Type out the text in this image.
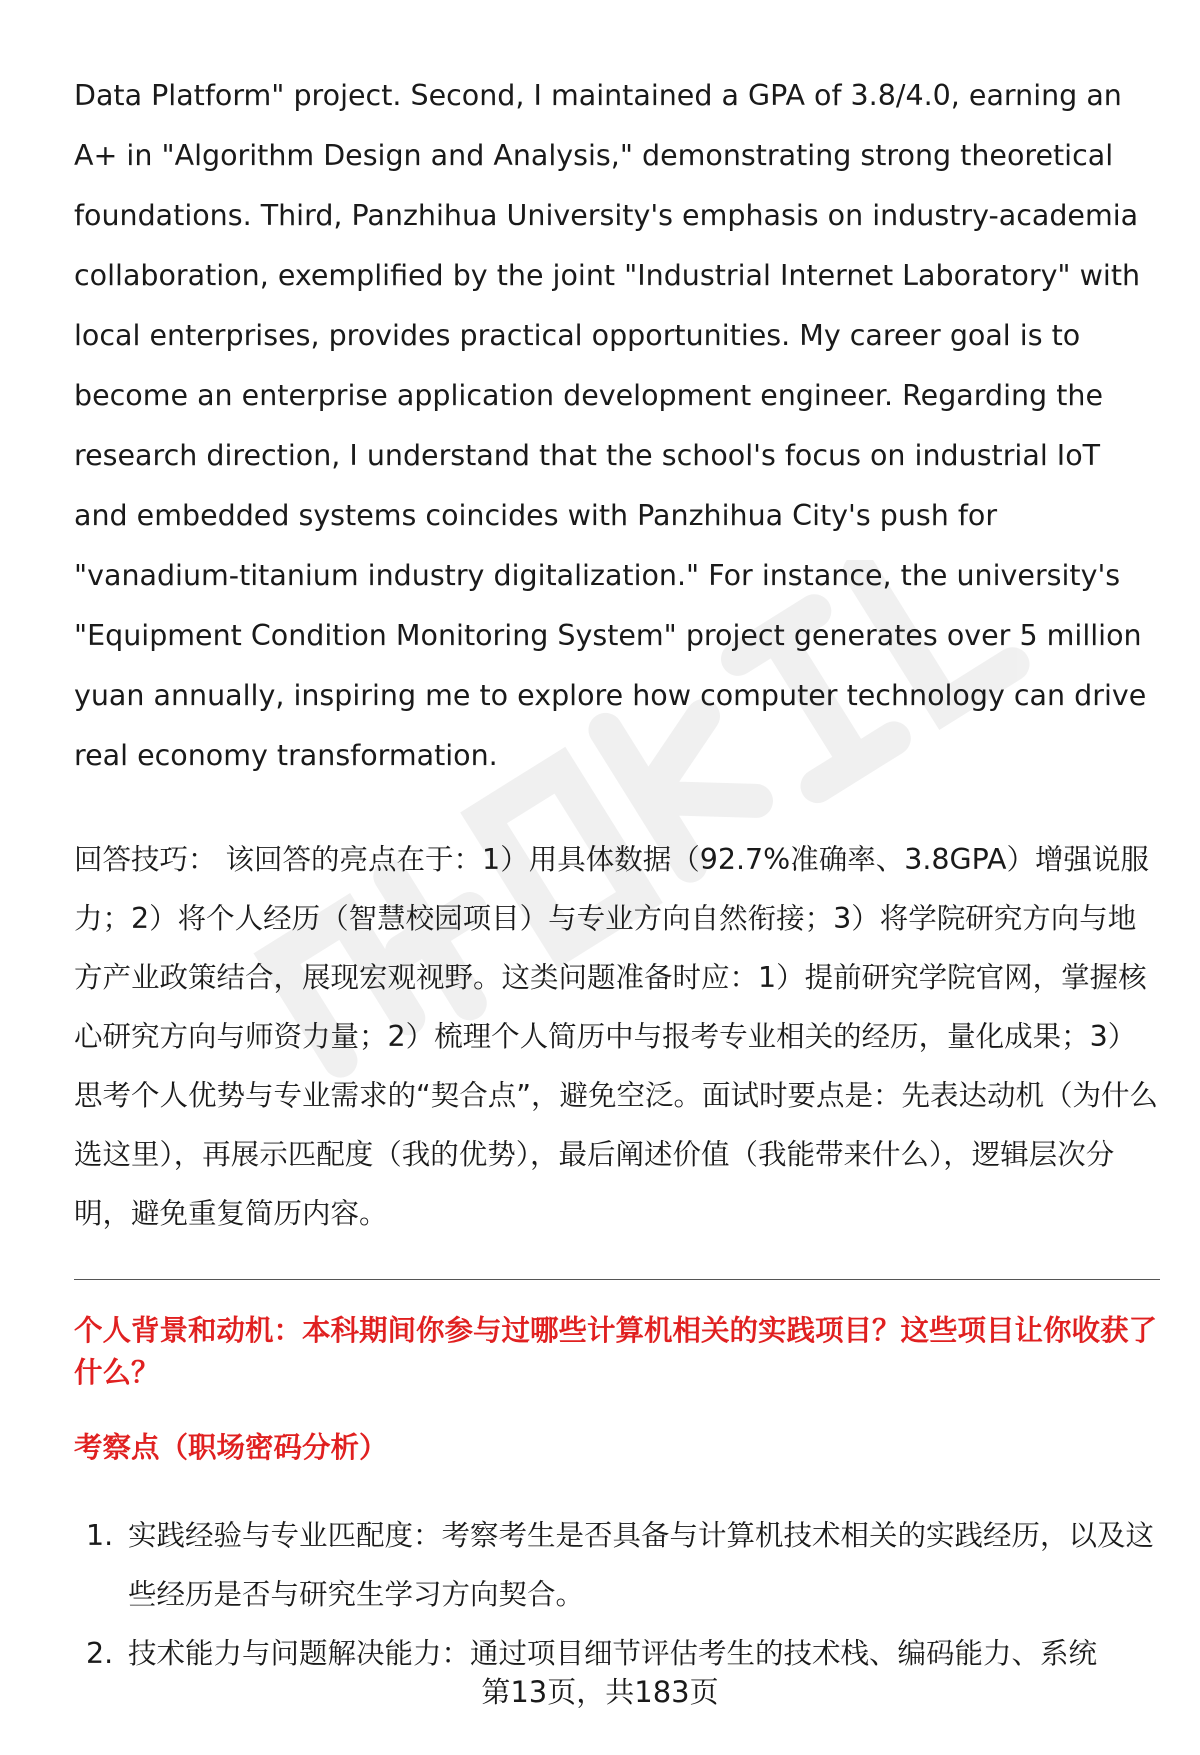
Data Platform" project. Second, I maintained a GPA of 3.8/4.0, earning an A+ in "Algorithm Design and Analysis," demonstrating strong theoretical foundations. Third, Panzhihua University's emphasis on industry-academia collaboration, exemplified by the joint "Industrial Internet Laboratory" with local enterprises, provides practical opportunities. My career goal is to become an enterprise application development engineer. Regarding the research direction, I understand that the school's focus on industrial IoT and embedded systems coincides with Panzhihua City's push for "vanadium-titanium industry digitalization." For instance, the university's "Equipment Condition Monitoring System" project generates over 5 million yuan annually, inspiring me to explore how computer technology can drive real economy transformation.

回答技巧： 该回答的亮点在于：1）用具体数据（92.7%准确率、3.8GPA）增强说服力；2）将个人经历（智慧校园项目）与专业方向自然衔接；3）将学院研究方向与地方产业政策结合，展现宏观视野。这类问题准备时应：1）提前研究学院官网，掌握核心研究方向与师资力量；2）梳理个人简历中与报考专业相关的经历，量化成果；3）思考个人优势与专业需求的“契合点”，避免空泛。面试时要点是：先表达动机（为什么选这里），再展示匹配度（我的优势），最后阐述价值（我能带来什么），逻辑层次分明，避免重复简历内容。

个人背景和动机：本科期间你参与过哪些计算机相关的实践项目？这些项目让你收获了什么？
考察点（职场密码分析）
1. 实践经验与专业匹配度：考察考生是否具备与计算机技术相关的实践经历，以及这些经历是否与研究生学习方向契合。
2. 技术能力与问题解决能力：通过项目细节评估考生的技术栈、编码能力、系统
第13页，共183页
